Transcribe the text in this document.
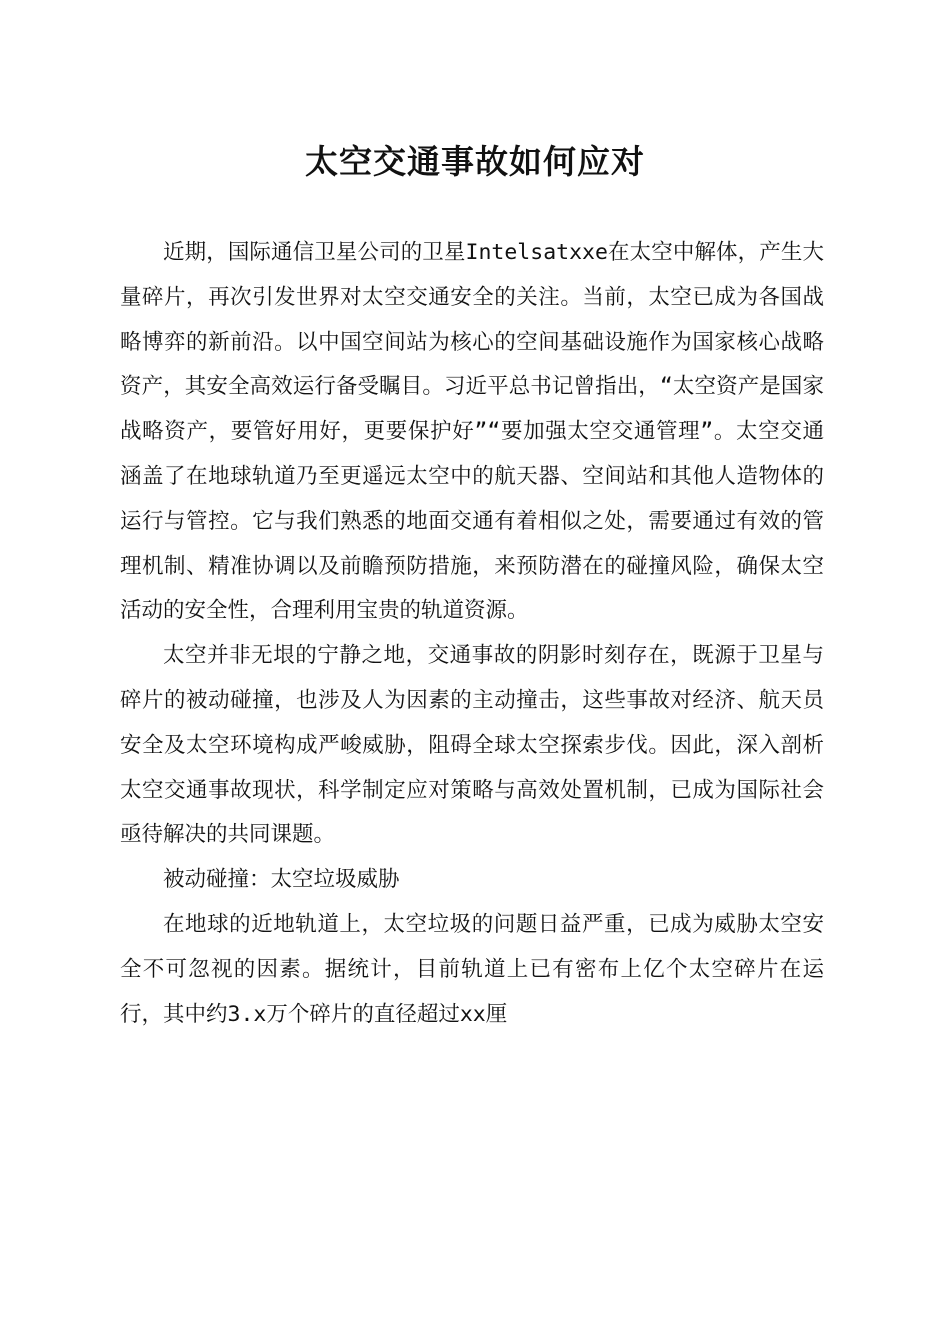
太空交通事故如何应对

近期，国际通信卫星公司的卫星Intelsatxxe在太空中解体，产生大量碎片，再次引发世界对太空交通安全的关注。当前，太空已成为各国战略博弈的新前沿。以中国空间站为核心的空间基础设施作为国家核心战略资产，其安全高效运行备受瞩目。习近平总书记曾指出，“太空资产是国家战略资产，要管好用好，更要保护好”“要加强太空交通管理”。太空交通涵盖了在地球轨道乃至更遥远太空中的航天器、空间站和其他人造物体的运行与管控。它与我们熟悉的地面交通有着相似之处，需要通过有效的管理机制、精准协调以及前瞻预防措施，来预防潜在的碰撞风险，确保太空活动的安全性，合理利用宝贵的轨道资源。

太空并非无垠的宁静之地，交通事故的阴影时刻存在，既源于卫星与碎片的被动碰撞，也涉及人为因素的主动撞击，这些事故对经济、航天员安全及太空环境构成严峻威胁，阻碍全球太空探索步伐。因此，深入剖析太空交通事故现状，科学制定应对策略与高效处置机制，已成为国际社会亟待解决的共同课题。

被动碰撞：太空垃圾威胁

在地球的近地轨道上，太空垃圾的问题日益严重，已成为威胁太空安全不可忽视的因素。据统计，目前轨道上已有密布上亿个太空碎片在运行，其中约3.x万个碎片的直径超过xx厘
